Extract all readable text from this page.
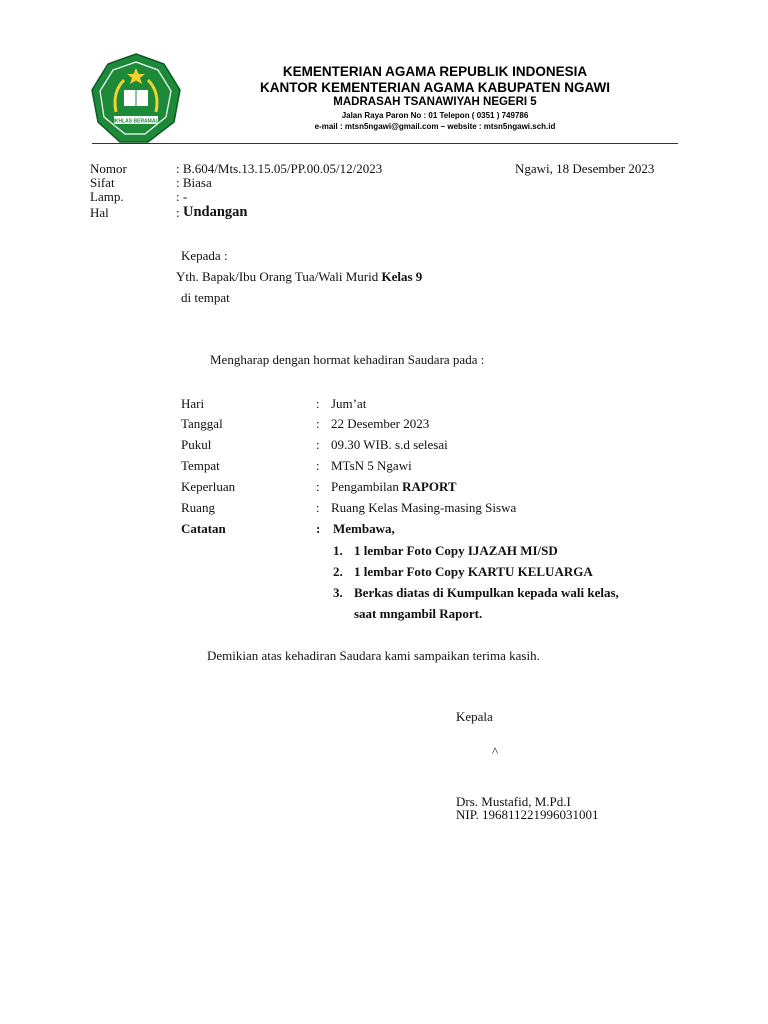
IKHLAS BERAMAL
KEMENTERIAN AGAMA REPUBLIK INDONESIA
KANTOR KEMENTERIAN AGAMA KABUPATEN NGAWI
MADRASAH TSANAWIYAH NEGERI 5
Jalan Raya Paron No : 01 Telepon ( 0351 ) 749786
e-mail : mtsn5ngawi@gmail.com – website : mtsn5ngawi.sch.id
Nomor	: B.604/Mts.13.15.05/PP.00.05/12/2023	Ngawi, 18 Desember 2023
Sifat	: Biasa
Lamp.	: -
Hal	: Undangan
Kepada :
Yth. Bapak/Ibu Orang Tua/Wali Murid Kelas 9
di tempat
Mengharap dengan hormat kehadiran Saudara pada :
Hari	: Jum’at
Tanggal	: 22 Desember 2023
Pukul	: 09.30 WIB. s.d selesai
Tempat	: MTsN 5 Ngawi
Keperluan	: Pengambilan RAPORT
Ruang	: Ruang Kelas Masing-masing Siswa
Catatan	: Membawa,
1. 1 lembar Foto Copy IJAZAH MI/SD
2. 1 lembar Foto Copy KARTU KELUARGA
3. Berkas diatas di Kumpulkan kepada wali kelas,
saat mngambil Raport.
Demikian atas kehadiran Saudara kami sampaikan terima kasih.
Kepala
^
Drs. Mustafid, M.Pd.I
NIP. 196811221996031001
